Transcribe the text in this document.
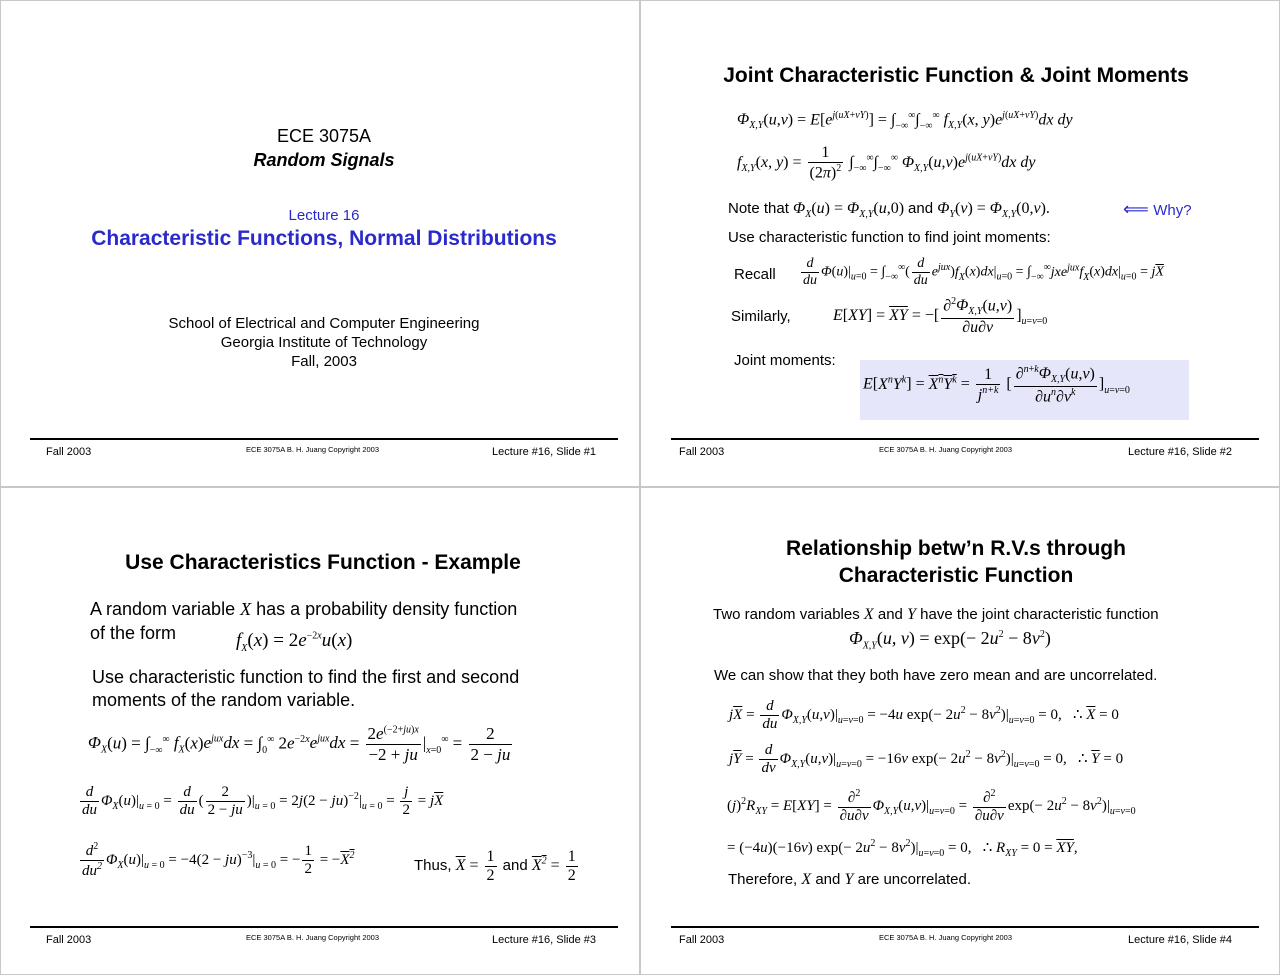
ECE 3075A
Random Signals
Lecture 16
Characteristic Functions, Normal Distributions
School of Electrical and Computer Engineering
Georgia Institute of Technology
Fall, 2003
Fall 2003	ECE 3075A B. H. Juang Copyright 2003	Lecture #16, Slide #1
Joint Characteristic Function & Joint Moments
$\Phi_{X,Y}(u,v) = E[e^{j(uX+vY)}] = \int_{-\infty}^\infty\int_{-\infty}^\infty$ $f_{X,Y}(x$, $y)e^{j(uX+vY)}dx$ dy
$f_{X,Y}(x$, $y) = \frac{1}{(2\pi)^2} \int_{-\infty}^\infty\int_{-\infty}^\infty$ $\Phi_{X,Y}(u,v)e^{j(uX+vY)}dx$ dy
Note that $\Phi_X(u) = \Phi_{X,Y}(u,0)$ and $\Phi_Y(v) = \Phi_{X,Y}(0,v)$.	⟸ Why?
Use characteristic function to find joint moments:
Recall $\frac{d}{du} \Phi(u)|_{u=0} = \int_{-\infty}^\infty( \frac{d}{du} e^{jux})f_X(x)dx|_{u=0} = \int_{-\infty}^\infty jxe^{jux}f_X(x)dx|_{u=0} = j\overline{X}$
Similarly,	$E[XY] = \overline{XY}$ = −[ $\frac{\partial^2\Phi_{X,Y}(u,v)}{\partial u\partial v} ]_{u=v=0}$
Joint moments:
$E[X^nY^k] = X^nY^k = \frac{1}{j^{n+k}}$ [ $\frac{\partial^{n+k}\Phi_{X,Y}(u,v)}{\partial u^n\partial v^k} ]_{u=v=0}$
Fall 2003	ECE 3075A B. H. Juang Copyright 2003	Lecture #16, Slide #2
Use Characteristics Function - Example
A random variable X has a probability density function
of the form	$f_X(x) = 2e^{-2x}u(x)$
Use characteristic function to find the first and second
moments of the random variable.
$\Phi_X(u) = \int_{-\infty}^\infty$ $f_X(x)e^{jux}dx = \int_0^\infty$ $2e^{-2x}e^{jux}dx = \frac{2e^{(-2+ju)x}}{-2 + ju} |_{x=0}^\infty = \frac{2}{2 - ju}$
$\frac{d}{du} \Phi_X(u)|_{u = 0} = \frac{d}{du}$ ( $\frac{2}{2 - ju} )|_{u = 0} = 2j(2 - ju)^{-2}|_{u = 0} = \frac{j}{2} = j\overline{X}$
$\frac{d^2}{du^2} \Phi_X(u)|_{u = 0} = -4(2 - ju)^{-3}|_{u = 0}$ = − $\frac{1}{2} = -X^2$
Thus, $\overline{X} = \frac{1}{2}$ and $X^2 = \frac{1}{2}$
Fall 2003	ECE 3075A B. H. Juang Copyright 2003	Lecture #16, Slide #3
Relationship betw’n R.V.s through
Characteristic Function
Two random variables X and Y have the joint characteristic function
$\Phi_{X,Y}(u$, $v) = \exp(- 2u^2 - 8v^2)$
We can show that they both have zero mean and are uncorrelated.
$j\overline{X} = \frac{d}{du} \Phi_{X,Y}(u,v)|_{u=v=0} = -4u$ $\exp(- 2u^2 - 8v^2)|_{u=v=0} = 0$,   ∴ $\overline{X} = 0$
$j\overline{Y} = \frac{d}{dv} \Phi_{X,Y}(u,v)|_{u=v=0} = -16v$ $\exp(- 2u^2 - 8v^2)|_{u=v=0} = 0$,   ∴ $\overline{Y} = 0$
$(j)^2R_{XY} = E[XY] = \frac{\partial^2}{\partial u\partial v} \Phi_{X,Y}(u,v)|_{u=v=0} = \frac{\partial^2}{\partial u\partial v} \exp(- 2u^2 - 8v^2)|_{u=v=0}$
= (−4u)(−16v) $\exp(- 2u^2 - 8v^2)|_{u=v=0} = 0$,   ∴ $R_{XY} = 0 = \overline{XY}$,
Therefore, X and Y are uncorrelated.
Fall 2003	ECE 3075A B. H. Juang Copyright 2003	Lecture #16, Slide #4
